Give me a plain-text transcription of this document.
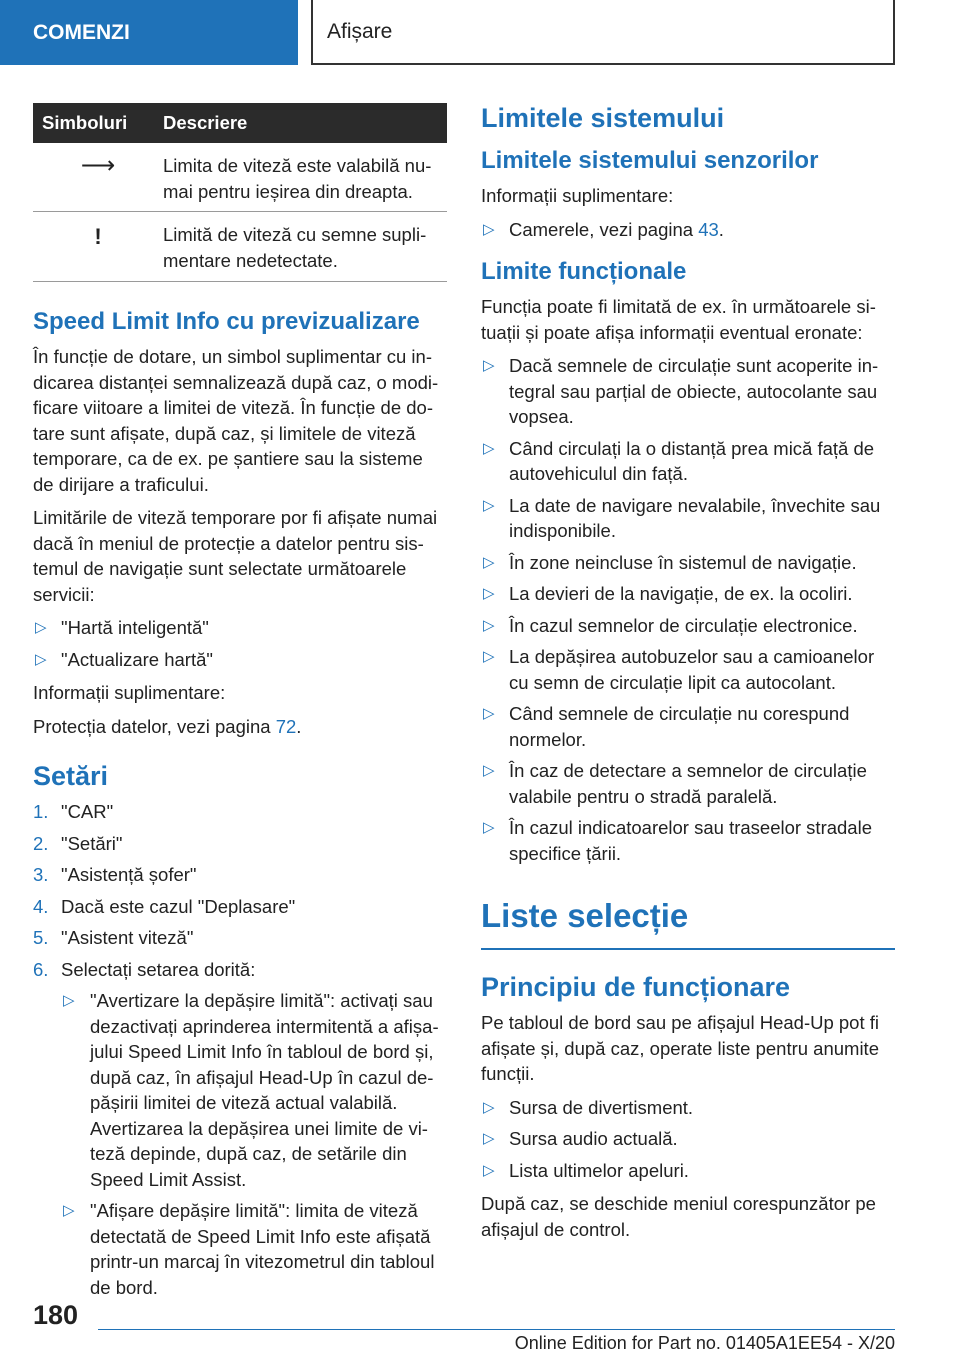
COMENZI	Afișare
Simboluri	Descriere
⟶	Limita de viteză este valabilă nu-mai pentru ieșirea din dreapta.
!	Limită de viteză cu semne supli-mentare nedetectate.
Speed Limit Info cu previzualizare

În funcție de dotare, un simbol suplimentar cu in-dicarea distanței semnalizează după caz, o modi-ficare viitoare a limitei de viteză. În funcție de do-tare sunt afișate, după caz, și limitele de viteză temporare, ca de ex. pe șantiere sau la sisteme de dirijare a traficului.

Limitările de viteză temporare por fi afișate numai dacă în meniul de protecție a datelor pentru sis-temul de navigație sunt selectate următoarele servicii:

▷ "Hartă inteligentă"
▷ "Actualizare hartă"

Informații suplimentare:

Protecția datelor, vezi pagina 72.

Setări
1. "CAR"
2. "Setări"
3. "Asistență șofer"
4. Dacă este cazul "Deplasare"
5. "Asistent viteză"
6. Selectați setarea dorită:
▷ "Avertizare la depășire limită": activați sau dezactivați aprinderea intermitentă a afișa-jului Speed Limit Info în tabloul de bord și, după caz, în afișajul Head-Up în cazul de-pășirii limitei de viteză actual valabilă. Avertizarea la depășirea unei limite de vi-teză depinde, după caz, de setările din Speed Limit Assist.
▷ "Afișare depășire limită": limita de viteză detectată de Speed Limit Info este afișată printr-un marcaj în vitezometrul din tabloul de bord.
Limitele sistemului
Limitele sistemului senzorilor

Informații suplimentare:

▷ Camerele, vezi pagina 43.
Limite funcționale

Funcția poate fi limitată de ex. în următoarele si-tuații și poate afișa informații eventual eronate:

▷ Dacă semnele de circulație sunt acoperite in-tegral sau parțial de obiecte, autocolante sau vopsea.
▷ Când circulați la o distanță prea mică față de autovehiculul din față.
▷ La date de navigare nevalabile, învechite sau indisponibile.
▷ În zone neincluse în sistemul de navigație.
▷ La devieri de la navigație, de ex. la ocoliri.
▷ În cazul semnelor de circulație electronice.
▷ La depășirea autobuzelor sau a camioanelor cu semn de circulație lipit ca autocolant.
▷ Când semnele de circulație nu corespund normelor.
▷ În caz de detectare a semnelor de circulație valabile pentru o stradă paralelă.
▷ În cazul indicatoarelor sau traseelor stradale specifice țării.
Liste selecție
Principiu de funcționare

Pe tabloul de bord sau pe afișajul Head-Up pot fi afișate și, după caz, operate liste pentru anumite funcții.

▷ Sursa de divertisment.
▷ Sursa audio actuală.
▷ Lista ultimelor apeluri.

După caz, se deschide meniul corespunzător pe afișajul de control.

180
Online Edition for Part no. 01405A1EE54 - X/20
